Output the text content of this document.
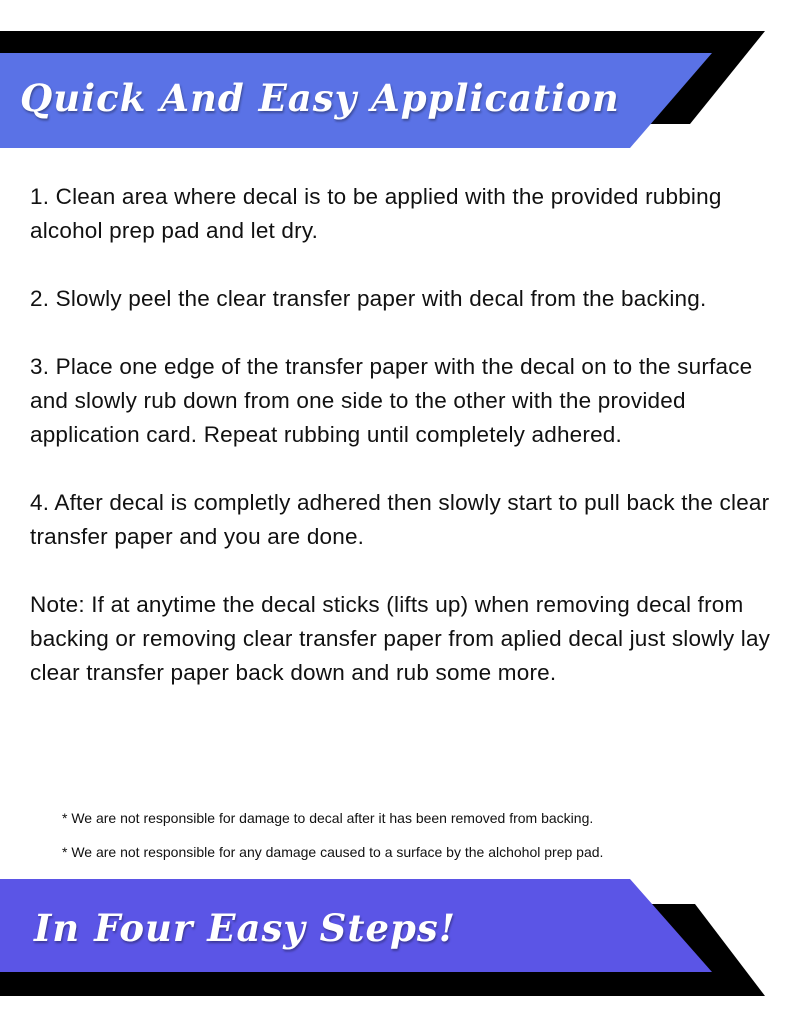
Quick And Easy Application

1. Clean area where decal is to be applied with the provided rubbing alcohol prep pad and let dry.

2. Slowly peel the clear transfer paper with decal from the backing.

3. Place one edge of the transfer paper with the decal on to the surface and slowly rub down from one side to the other with the provided application card. Repeat rubbing until completely adhered.

4. After decal is completly adhered then slowly start to pull back the clear transfer paper and you are done.

Note: If at anytime the decal sticks (lifts up) when removing decal from backing or removing clear transfer paper from aplied decal just slowly lay clear transfer paper back down and rub some more.

* We are not responsible for damage to decal after it has been removed from backing.

* We are not responsible for any damage caused to a surface by the alchohol prep pad.

In Four Easy Steps!
